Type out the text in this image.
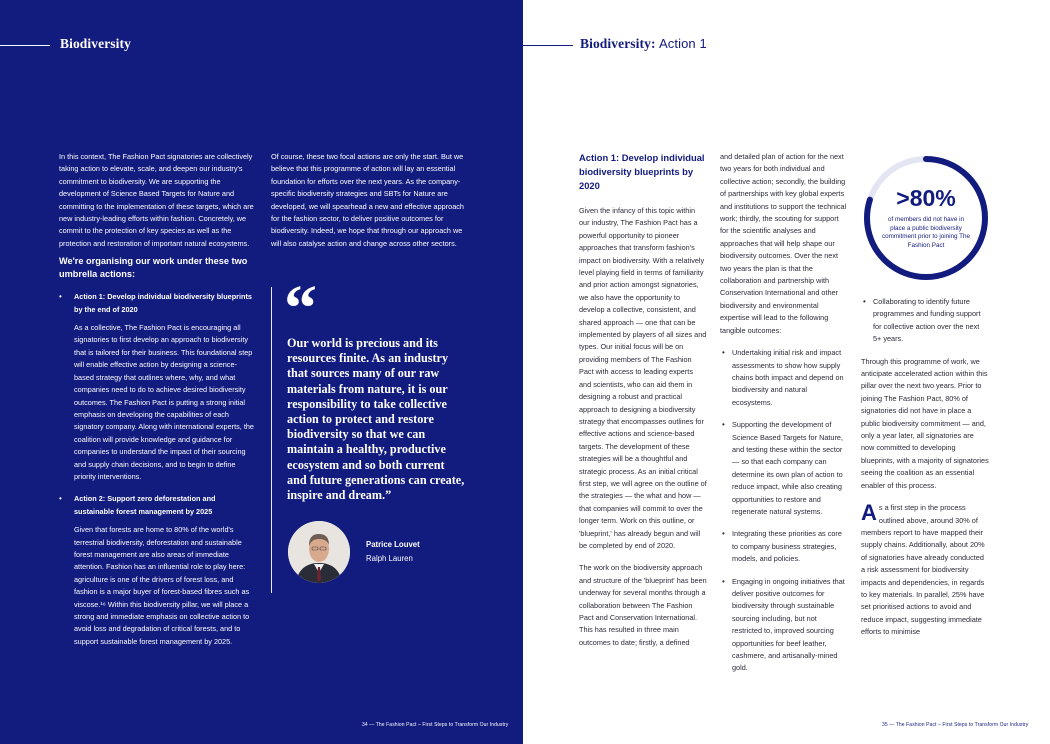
Biodiversity

In this context, The Fashion Pact signatories are collectively taking action to elevate, scale, and deepen our industry's commitment to biodiversity. We are supporting the development of Science Based Targets for Nature and committing to the implementation of these targets, which are new industry-leading efforts within fashion. Concretely, we commit to the protection of key species as well as the protection and restoration of important natural ecosystems.

We're organising our work under these two umbrella actions:
• Action 1: Develop individual biodiversity blueprints by the end of 2020

As a collective, The Fashion Pact is encouraging all signatories to first develop an approach to biodiversity that is tailored for their business. This foundational step will enable effective action by designing a science-based strategy that outlines where, why, and what companies need to do to achieve desired biodiversity outcomes. The Fashion Pact is putting a strong initial emphasis on developing the capabilities of each signatory company. Along with international experts, the coalition will provide knowledge and guidance for companies to understand the impact of their sourcing and supply chain decisions, and to begin to define priority interventions.

• Action 2: Support zero deforestation and sustainable forest management by 2025

Given that forests are home to 80% of the world's terrestrial biodiversity, deforestation and sustainable forest management are also areas of immediate attention. Fashion has an influential role to play here: agriculture is one of the drivers of forest loss, and fashion is a major buyer of forest-based fibres such as viscose.¹⁶ Within this biodiversity pillar, we will place a strong and immediate emphasis on collective action to avoid loss and degradation of critical forests, and to support sustainable forest management by 2025.

Of course, these two focal actions are only the start. But we believe that this programme of action will lay an essential foundation for efforts over the next years. As the company-specific biodiversity strategies and SBTs for Nature are developed, we will spearhead a new and effective approach for the fashion sector, to deliver positive outcomes for biodiversity. Indeed, we hope that through our approach we will also catalyse action and change across other sectors.

“
Our world is precious and its resources finite. As an industry that sources many of our raw materials from nature, it is our responsibility to take collective action to protect and restore biodiversity so that we can maintain a healthy, productive ecosystem and so both current and future generations can create, inspire and dream.”
Patrice Louvet
Ralph Lauren
34 — The Fashion Pact – First Steps to Transform Our Industry
Biodiversity: Action 1
Action 1: Develop individual biodiversity blueprints by 2020

Given the infancy of this topic within our industry, The Fashion Pact has a powerful opportunity to pioneer approaches that transform fashion's impact on biodiversity. With a relatively level playing field in terms of familiarity and prior action amongst signatories, we also have the opportunity to develop a collective, consistent, and shared approach — one that can be implemented by players of all sizes and types. Our initial focus will be on providing members of The Fashion Pact with access to leading experts and scientists, who can aid them in designing a robust and practical approach to designing a biodiversity strategy that encompasses outlines for effective actions and science-based targets. The development of these strategies will be a thoughtful and strategic process. As an initial critical first step, we will agree on the outline of the strategies — the what and how — that companies will commit to over the longer term. Work on this outline, or 'blueprint,' has already begun and will be completed by end of 2020.

The work on the biodiversity approach and structure of the 'blueprint' has been underway for several months through a collaboration between The Fashion Pact and Conservation International. This has resulted in three main outcomes to date; firstly, a defined

and detailed plan of action for the next two years for both individual and collective action; secondly, the building of partnerships with key global experts and institutions to support the technical work; thirdly, the scouting for support for the scientific analyses and approaches that will help shape our biodiversity outcomes. Over the next two years the plan is that the collaboration and partnership with Conservation International and other biodiversity and environmental expertise will lead to the following tangible outcomes:

• Undertaking initial risk and impact assessments to show how supply chains both impact and depend on biodiversity and natural ecosystems.
• Supporting the development of Science Based Targets for Nature, and testing these within the sector — so that each company can determine its own plan of action to reduce impact, while also creating opportunities to restore and regenerate natural systems.
• Integrating these priorities as core to company business strategies, models, and policies.
• Engaging in ongoing initiatives that deliver positive outcomes for biodiversity through sustainable sourcing including, but not restricted to, improved sourcing opportunities for beef leather, cashmere, and artisanally-mined gold.
>80%
of members did not have in place a public biodiversity commitment prior to joining The Fashion Pact
• Collaborating to identify future programmes and funding support for collective action over the next 5+ years.

Through this programme of work, we anticipate accelerated action within this pillar over the next two years. Prior to joining The Fashion Pact, 80% of signatories did not have in place a public biodiversity commitment — and, only a year later, all signatories are now committed to developing blueprints, with a majority of signatories seeing the coalition as an essential enabler of this process.

As a first step in the process outlined above, around 30% of members report to have mapped their supply chains. Additionally, about 20% of signatories have already conducted a risk assessment for biodiversity impacts and dependencies, in regards to key materials. In parallel, 25% have set prioritised actions to avoid and reduce impact, suggesting immediate efforts to minimise

35 — The Fashion Pact – First Steps to Transform Our Industry
